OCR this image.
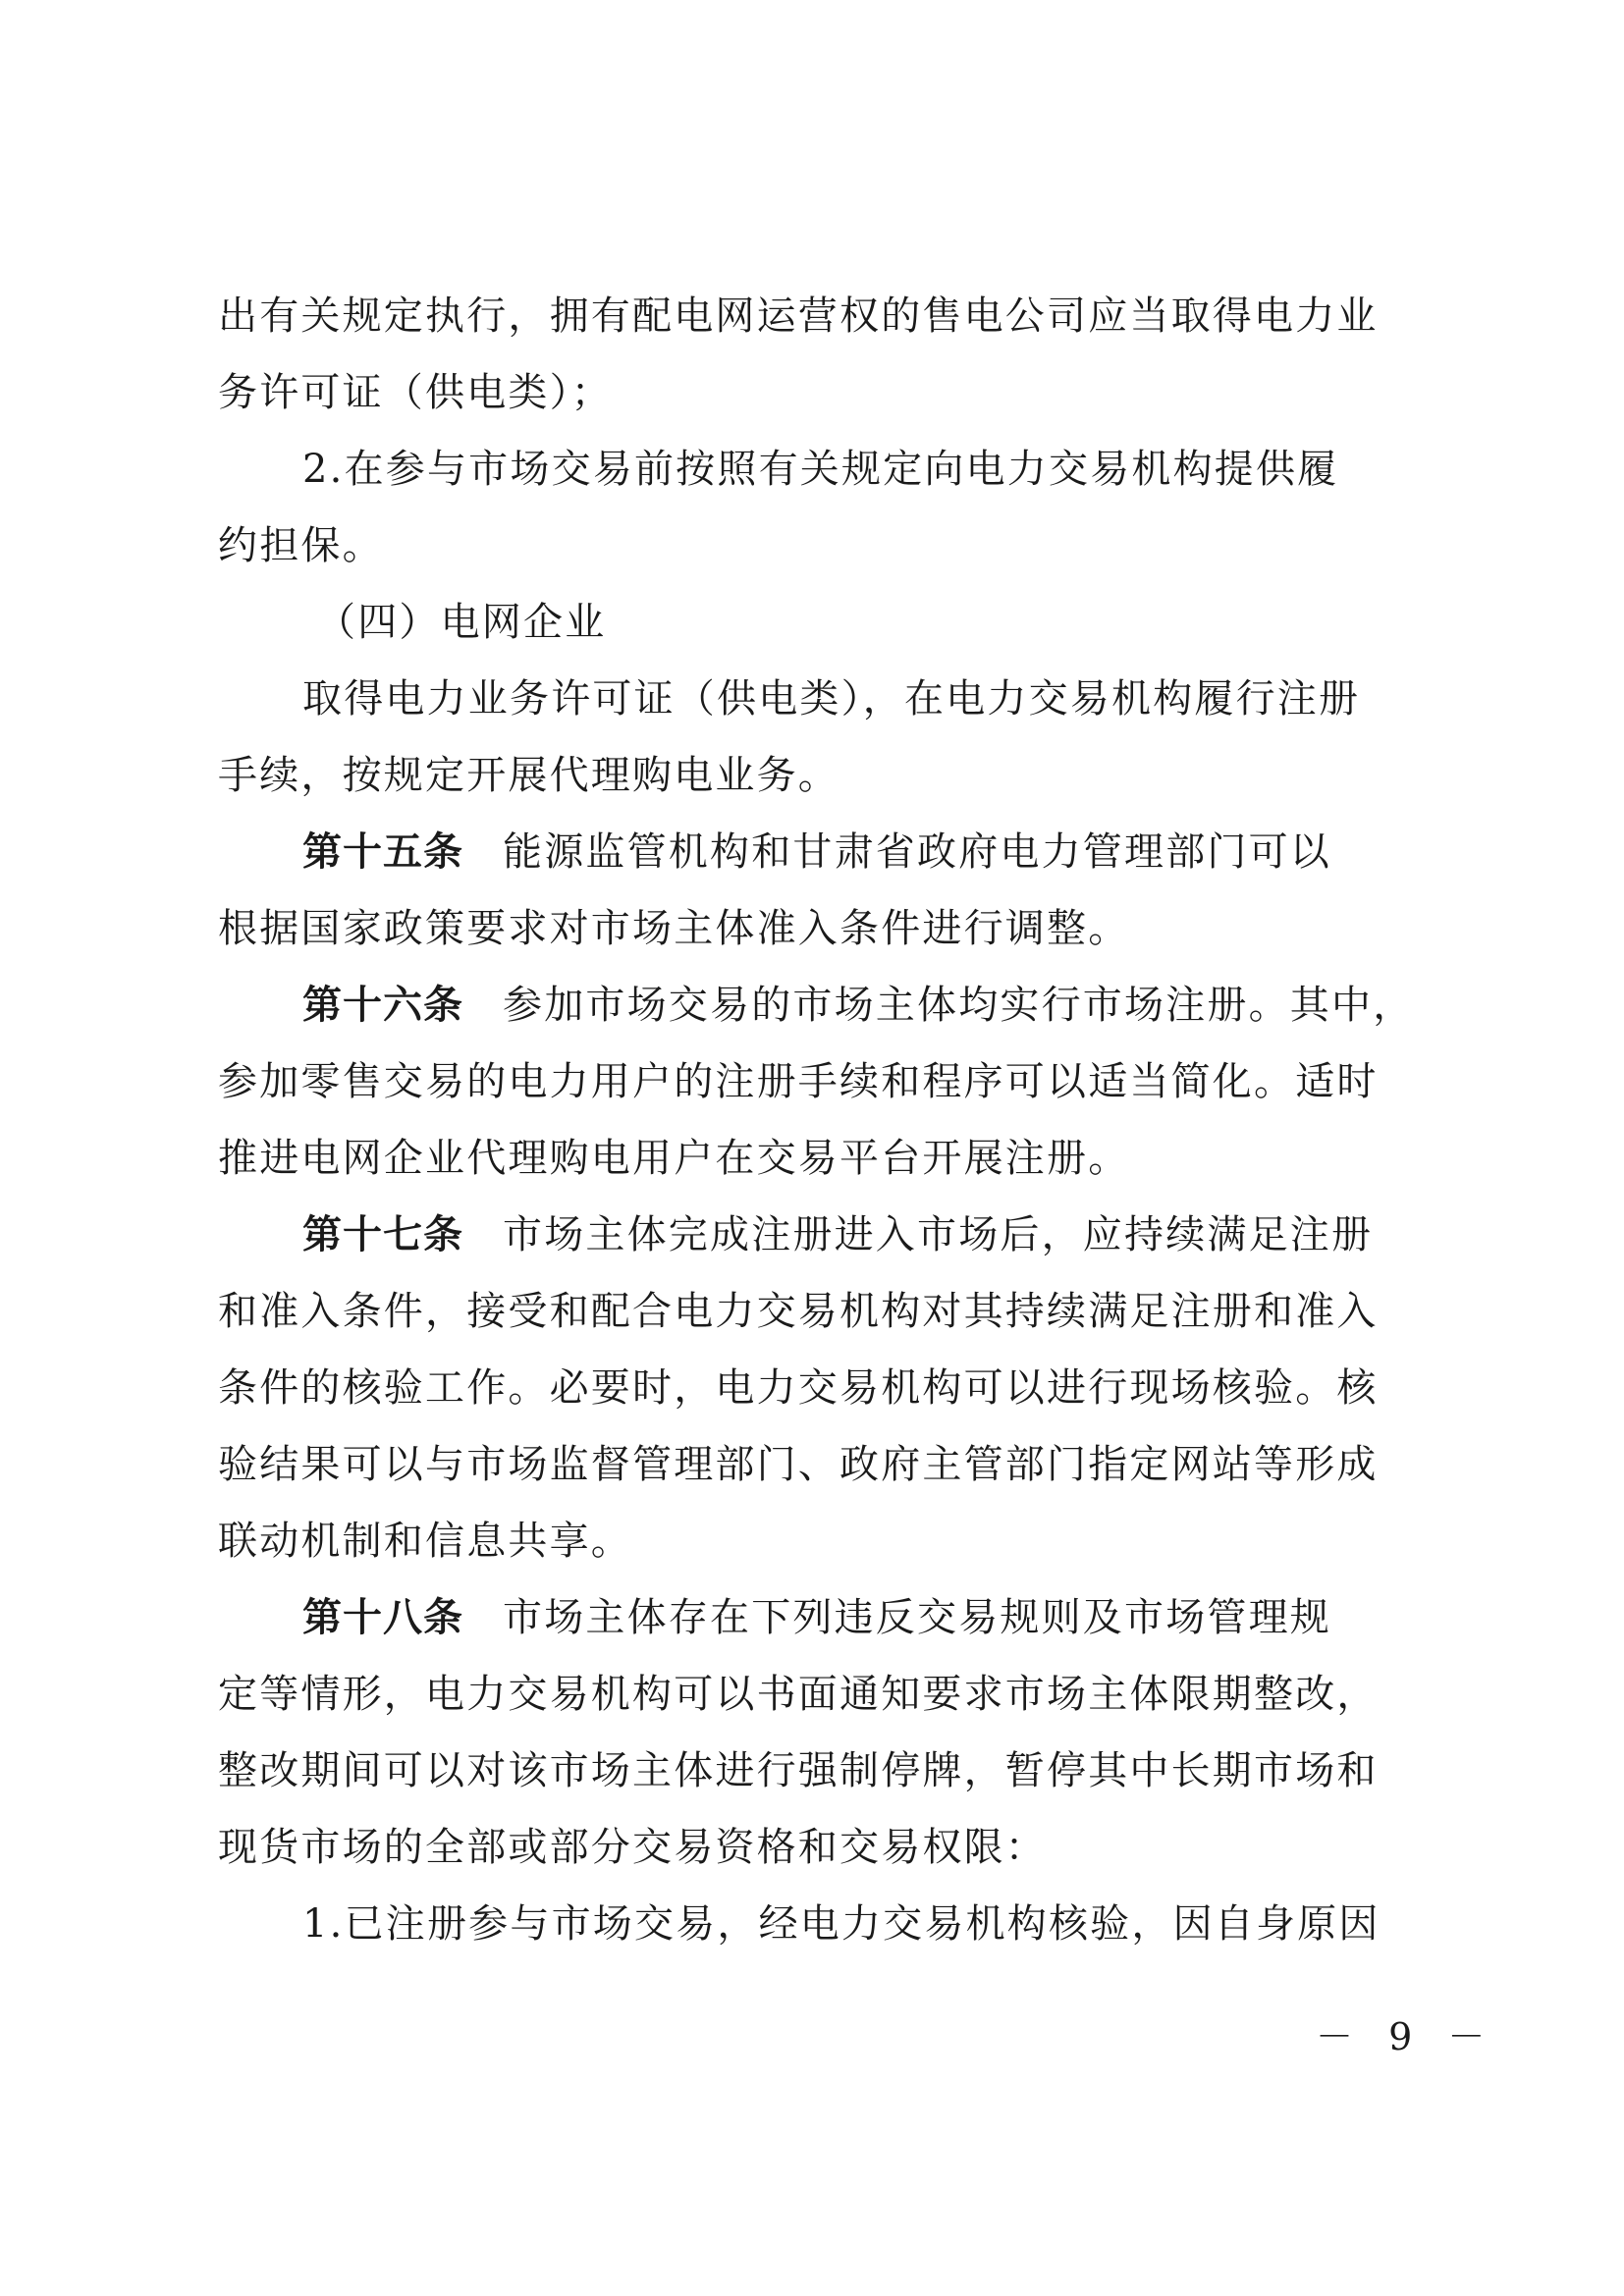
出有关规定执行，拥有配电网运营权的售电公司应当取得电力业
务许可证（供电类）；
2.在参与市场交易前按照有关规定向电力交易机构提供履
约担保。
（四）电网企业
取得电力业务许可证（供电类），在电力交易机构履行注册
手续，按规定开展代理购电业务。
第十五条 能源监管机构和甘肃省政府电力管理部门可以
根据国家政策要求对市场主体准入条件进行调整。
第十六条 参加市场交易的市场主体均实行市场注册。其中，
参加零售交易的电力用户的注册手续和程序可以适当简化。适时
推进电网企业代理购电用户在交易平台开展注册。
第十七条 市场主体完成注册进入市场后，应持续满足注册
和准入条件，接受和配合电力交易机构对其持续满足注册和准入
条件的核验工作。必要时，电力交易机构可以进行现场核验。核
验结果可以与市场监督管理部门、政府主管部门指定网站等形成
联动机制和信息共享。
第十八条 市场主体存在下列违反交易规则及市场管理规
定等情形，电力交易机构可以书面通知要求市场主体限期整改，
整改期间可以对该市场主体进行强制停牌，暂停其中长期市场和
现货市场的全部或部分交易资格和交易权限：
1.已注册参与市场交易，经电力交易机构核验，因自身原因
－ 9 －
